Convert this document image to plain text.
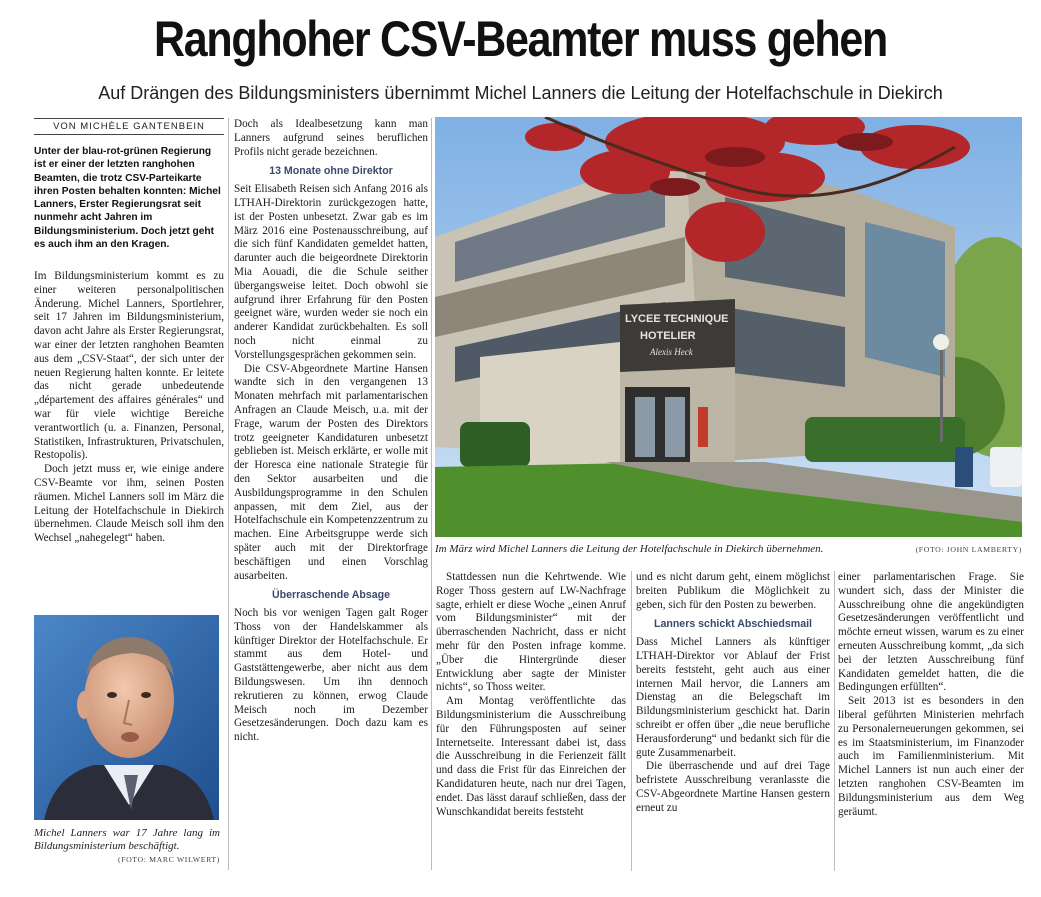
Ranghoher CSV-Beamter muss gehen
Auf Drängen des Bildungsministers übernimmt Michel Lanners die Leitung der Hotelfachschule in Diekirch
VON MICHÈLE GANTENBEIN
Unter der blau-rot-grünen Regierung ist er einer der letzten ranghohen Beamten, die trotz CSV-Parteikarte ihren Posten behalten konnten: Michel Lanners, Erster Regierungsrat seit nunmehr acht Jahren im Bildungsministerium. Doch jetzt geht es auch ihm an den Kragen.

Im Bildungsministerium kommt es zu einer weiteren personalpolitischen Änderung. Michel Lanners, Sportlehrer, seit 17 Jahren im Bildungsministerium, davon acht Jahre als Erster Regierungsrat, war einer der letzten ranghohen Beamten aus dem „CSV-Staat“, der sich unter der neuen Regierung halten konnte. Er leitete das nicht gerade unbedeutende „département des affaires générales“ und war für viele wichtige Bereiche verantwortlich (u. a. Finanzen, Personal, Statistiken, Infrastrukturen, Privatschulen, Restopolis).

Doch jetzt muss er, wie einige andere CSV-Beamte vor ihm, seinen Posten räumen. Michel Lanners soll im März die Leitung der Hotelfachschule in Diekirch übernehmen. Claude Meisch soll ihm den Wechsel „nahegelegt“ haben.

Michel Lanners war 17 Jahre lang im Bildungsministerium beschäftigt.
(FOTO: MARC WILWERT)

Doch als Idealbesetzung kann man Lanners aufgrund seines beruflichen Profils nicht gerade bezeichnen.

13 Monate ohne Direktor

Seit Elisabeth Reisen sich Anfang 2016 als LTHAH-Direktorin zurückgezogen hatte, ist der Posten unbesetzt. Zwar gab es im März 2016 eine Postenausschreibung, auf die sich fünf Kandidaten gemeldet hatten, darunter auch die beigeordnete Direktorin Mia Aouadi, die die Schule seither übergangsweise leitet. Doch obwohl sie aufgrund ihrer Erfahrung für den Posten geeignet wäre, wurden weder sie noch ein anderer Kandidat zurückbehalten. Es soll noch nicht einmal zu Vorstellungsgesprächen gekommen sein.

Die CSV-Abgeordnete Martine Hansen wandte sich in den vergangenen 13 Monaten mehrfach mit parlamentarischen Anfragen an Claude Meisch, u.a. mit der Frage, warum der Posten des Direktors trotz geeigneter Kandidaturen unbesetzt geblieben ist. Meisch erklärte, er wolle mit der Horesca eine nationale Strategie für den Sektor ausarbeiten und die Ausbildungsprogramme in den Schulen anpassen, mit dem Ziel, aus der Hotelfachschule ein Kompetenzzentrum zu machen. Eine Arbeitsgruppe werde sich später auch mit der Direktorfrage beschäftigen und einen Vorschlag ausarbeiten.

Überraschende Absage

Noch bis vor wenigen Tagen galt Roger Thoss von der Handelskammer als künftiger Direktor der Hotelfachschule. Er stammt aus dem Hotel- und Gaststättengewerbe, aber nicht aus dem Bildungswesen. Um ihn dennoch rekrutieren zu können, erwog Claude Meisch noch im Dezember Gesetzesänderungen. Doch dazu kam es nicht.

LYCEE TECHNIQUE
HOTELIER
Alexis Heck
Im März wird Michel Lanners die Leitung der Hotelfachschule in Diekirch übernehmen.	(FOTO: JOHN LAMBERTY)

Stattdessen nun die Kehrtwende. Wie Roger Thoss gestern auf LW-Nachfrage sagte, erhielt er diese Woche „einen Anruf vom Bildungsminister“ mit der überraschenden Nachricht, dass er nicht mehr für den Posten infrage komme. „Über die Hintergründe dieser Entwicklung aber sagte der Minister nichts“, so Thoss weiter.

Am Montag veröffentlichte das Bildungsministerium die Ausschreibung für den Führungsposten auf seiner Internetseite. Interessant dabei ist, dass die Ausschreibung in die Ferienzeit fällt und dass die Frist für das Einreichen der Kandidaturen heute, nach nur drei Tagen, endet. Das lässt darauf schließen, dass der Wunschkandidat bereits feststeht

und es nicht darum geht, einem möglichst breiten Publikum die Möglichkeit zu geben, sich für den Posten zu bewerben.

Lanners schickt Abschiedsmail

Dass Michel Lanners als künftiger LTHAH-Direktor vor Ablauf der Frist bereits feststeht, geht auch aus einer internen Mail hervor, die Lanners am Dienstag an die Belegschaft im Bildungsministerium geschickt hat. Darin schreibt er offen über „die neue berufliche Herausforderung“ und bedankt sich für die gute Zusammenarbeit.

Die überraschende und auf drei Tage befristete Ausschreibung veranlasste die CSV-Abgeordnete Martine Hansen gestern erneut zu

einer parlamentarischen Frage. Sie wundert sich, dass der Minister die Ausschreibung ohne die angekündigten Gesetzesänderungen veröffentlicht und möchte erneut wissen, warum es zu einer erneuten Ausschreibung kommt, „da sich bei der letzten Ausschreibung fünf Kandidaten gemeldet hatten, die die Bedingungen erfüllten“.

Seit 2013 ist es besonders in den liberal geführten Ministerien mehrfach zu Personalerneuerungen gekommen, sei es im Staatsministerium, im Finanzoder auch im Familienministerium. Mit Michel Lanners ist nun auch einer der letzten ranghohen CSV-Beamten im Bildungsministerium aus dem Weg geräumt.
